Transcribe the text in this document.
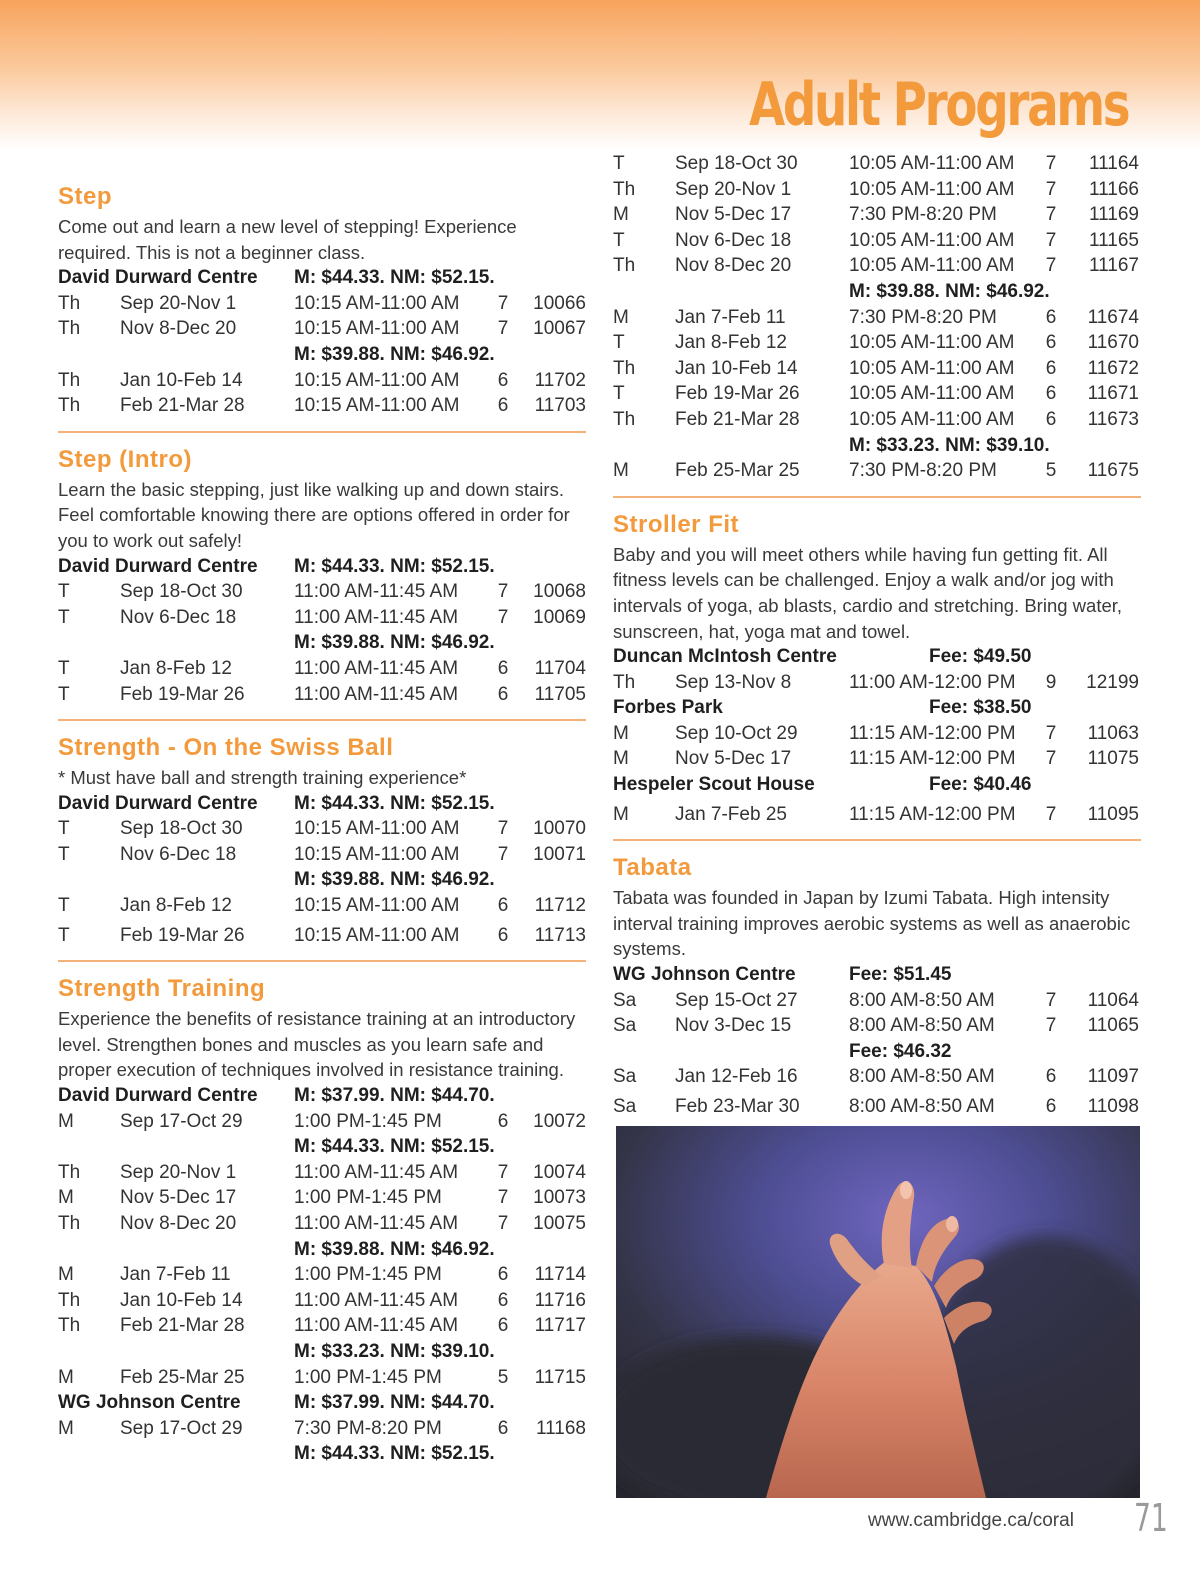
Adult Programs
Step
Come out and learn a new level of stepping! Experience required. This is not a beginner class.
David Durward Centre	M: $44.33. NM: $52.15.
Th	Sep 20-Nov 1	10:15 AM-11:00 AM	7	10066
Th	Nov 8-Dec 20	10:15 AM-11:00 AM	7	10067
M: $39.88. NM: $46.92.
Th	Jan 10-Feb 14	10:15 AM-11:00 AM	6	11702
Th	Feb 21-Mar 28	10:15 AM-11:00 AM	6	11703
Step (Intro)
Learn the basic stepping, just like walking up and down stairs. Feel comfortable knowing there are options offered in order for you to work out safely!
David Durward Centre	M: $44.33. NM: $52.15.
T	Sep 18-Oct 30	11:00 AM-11:45 AM	7	10068
T	Nov 6-Dec 18	11:00 AM-11:45 AM	7	10069
M: $39.88. NM: $46.92.
T	Jan 8-Feb 12	11:00 AM-11:45 AM	6	11704
T	Feb 19-Mar 26	11:00 AM-11:45 AM	6	11705
Strength - On the Swiss Ball
* Must have ball and strength training experience*
David Durward Centre	M: $44.33. NM: $52.15.
T	Sep 18-Oct 30	10:15 AM-11:00 AM	7	10070
T	Nov 6-Dec 18	10:15 AM-11:00 AM	7	10071
M: $39.88. NM: $46.92.
T	Jan 8-Feb 12	10:15 AM-11:00 AM	6	11712
T	Feb 19-Mar 26	10:15 AM-11:00 AM	6	11713
Strength Training
Experience the benefits of resistance training at an introductory level. Strengthen bones and muscles as you learn safe and proper execution of techniques involved in resistance training.
David Durward Centre	M: $37.99. NM: $44.70.
M	Sep 17-Oct 29	1:00 PM-1:45 PM	6	10072
M: $44.33. NM: $52.15.
Th	Sep 20-Nov 1	11:00 AM-11:45 AM	7	10074
M	Nov 5-Dec 17	1:00 PM-1:45 PM	7	10073
Th	Nov 8-Dec 20	11:00 AM-11:45 AM	7	10075
M: $39.88. NM: $46.92.
M	Jan 7-Feb 11	1:00 PM-1:45 PM	6	11714
Th	Jan 10-Feb 14	11:00 AM-11:45 AM	6	11716
Th	Feb 21-Mar 28	11:00 AM-11:45 AM	6	11717
M: $33.23. NM: $39.10.
M	Feb 25-Mar 25	1:00 PM-1:45 PM	5	11715
WG Johnson Centre	M: $37.99. NM: $44.70.
M	Sep 17-Oct 29	7:30 PM-8:20 PM	6	11168
M: $44.33. NM: $52.15.
T	Sep 18-Oct 30	10:05 AM-11:00 AM	7	11164
Th	Sep 20-Nov 1	10:05 AM-11:00 AM	7	11166
M	Nov 5-Dec 17	7:30 PM-8:20 PM	7	11169
T	Nov 6-Dec 18	10:05 AM-11:00 AM	7	11165
Th	Nov 8-Dec 20	10:05 AM-11:00 AM	7	11167
M: $39.88. NM: $46.92.
M	Jan 7-Feb 11	7:30 PM-8:20 PM	6	11674
T	Jan 8-Feb 12	10:05 AM-11:00 AM	6	11670
Th	Jan 10-Feb 14	10:05 AM-11:00 AM	6	11672
T	Feb 19-Mar 26	10:05 AM-11:00 AM	6	11671
Th	Feb 21-Mar 28	10:05 AM-11:00 AM	6	11673
M: $33.23. NM: $39.10.
M	Feb 25-Mar 25	7:30 PM-8:20 PM	5	11675
Stroller Fit
Baby and you will meet others while having fun getting fit. All fitness levels can be challenged. Enjoy a walk and/or jog with intervals of yoga, ab blasts, cardio and stretching. Bring water, sunscreen, hat, yoga mat and towel.
Duncan McIntosh Centre	Fee: $49.50
Th	Sep 13-Nov 8	11:00 AM-12:00 PM	9	12199
Forbes Park	Fee: $38.50
M	Sep 10-Oct 29	11:15 AM-12:00 PM	7	11063
M	Nov 5-Dec 17	11:15 AM-12:00 PM	7	11075
Hespeler Scout House	Fee: $40.46
M	Jan 7-Feb 25	11:15 AM-12:00 PM	7	11095
Tabata
Tabata was founded in Japan by Izumi Tabata. High intensity interval training improves aerobic systems as well as anaerobic systems.
WG Johnson Centre	Fee: $51.45
Sa	Sep 15-Oct 27	8:00 AM-8:50 AM	7	11064
Sa	Nov 3-Dec 15	8:00 AM-8:50 AM	7	11065
Fee: $46.32
Sa	Jan 12-Feb 16	8:00 AM-8:50 AM	6	11097
Sa	Feb 23-Mar 30	8:00 AM-8:50 AM	6	11098
www.cambridge.ca/coral 71
